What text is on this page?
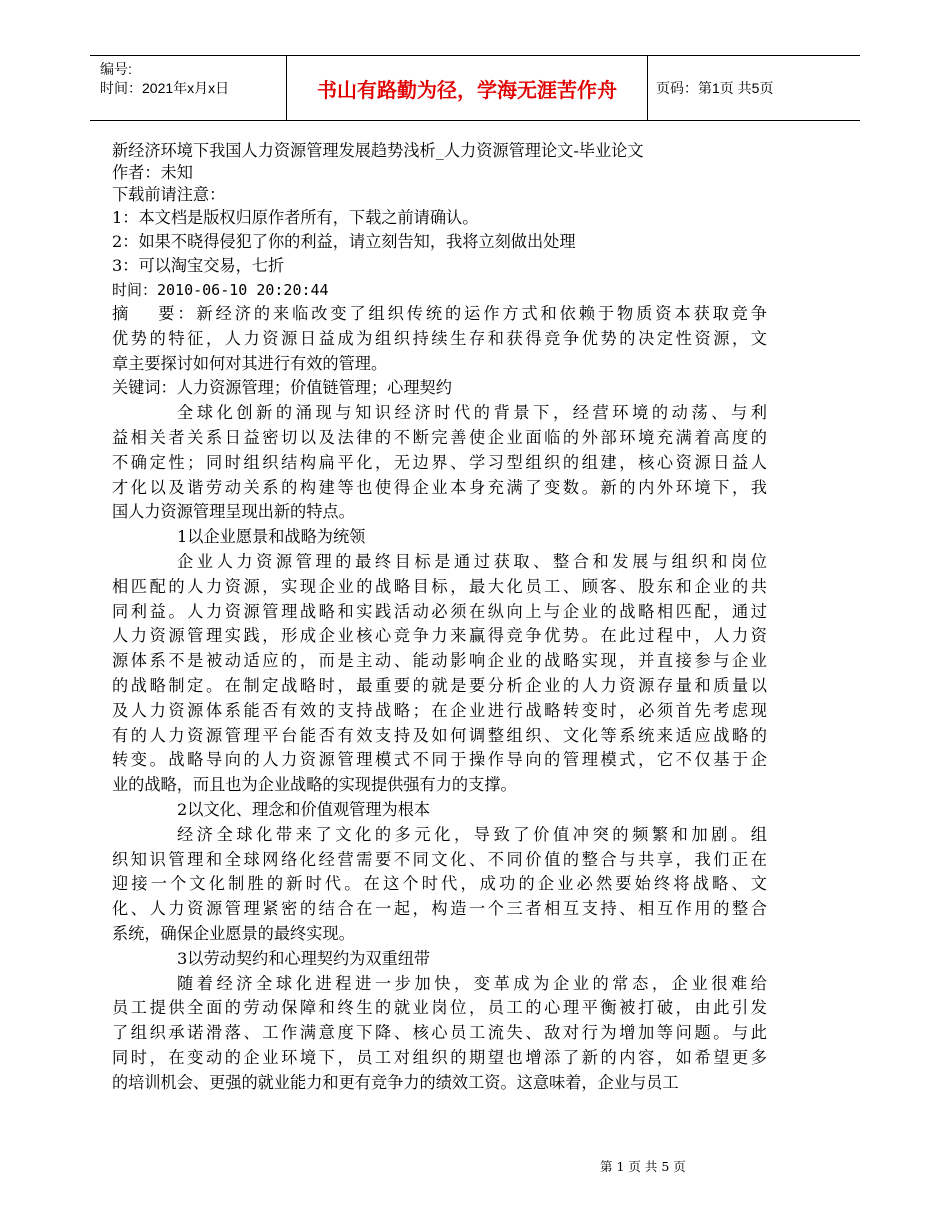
编号:
时间：2021年x月x日	书山有路勤为径，学海无涯苦作舟	页码：第1页 共5页
新经济环境下我国人力资源管理发展趋势浅析_人力资源管理论文-毕业论文
作者：未知
下载前请注意：
1：本文档是版权归原作者所有，下载之前请确认。
2：如果不晓得侵犯了你的利益，请立刻告知，我将立刻做出处理
3：可以淘宝交易，七折
时间：2010-06-10 20:20:44
摘　 要：新经济的来临改变了组织传统的运作方式和依赖于物质资本获取竞争
优势的特征，人力资源日益成为组织持续生存和获得竞争优势的决定性资源，文
章主要探讨如何对其进行有效的管理。
关键词：人力资源管理；价值链管理；心理契约
全球化创新的涌现与知识经济时代的背景下，经营环境的动荡、与利
益相关者关系日益密切以及法律的不断完善使企业面临的外部环境充满着高度的
不确定性；同时组织结构扁平化，无边界、学习型组织的组建，核心资源日益人
才化以及谐劳动关系的构建等也使得企业本身充满了变数。新的内外环境下，我
国人力资源管理呈现出新的特点。
1以企业愿景和战略为统领
企业人力资源管理的最终目标是通过获取、整合和发展与组织和岗位
相匹配的人力资源，实现企业的战略目标，最大化员工、顾客、股东和企业的共
同利益。人力资源管理战略和实践活动必须在纵向上与企业的战略相匹配，通过
人力资源管理实践，形成企业核心竞争力来赢得竞争优势。在此过程中，人力资
源体系不是被动适应的，而是主动、能动影响企业的战略实现，并直接参与企业
的战略制定。在制定战略时，最重要的就是要分析企业的人力资源存量和质量以
及人力资源体系能否有效的支持战略；在企业进行战略转变时，必须首先考虑现
有的人力资源管理平台能否有效支持及如何调整组织、文化等系统来适应战略的
转变。战略导向的人力资源管理模式不同于操作导向的管理模式，它不仅基于企
业的战略，而且也为企业战略的实现提供强有力的支撑。
2以文化、理念和价值观管理为根本
经济全球化带来了文化的多元化，导致了价值冲突的频繁和加剧。组
织知识管理和全球网络化经营需要不同文化、不同价值的整合与共享，我们正在
迎接一个文化制胜的新时代。在这个时代，成功的企业必然要始终将战略、文
化、人力资源管理紧密的结合在一起，构造一个三者相互支持、相互作用的整合
系统，确保企业愿景的最终实现。
3以劳动契约和心理契约为双重纽带
随着经济全球化进程进一步加快，变革成为企业的常态，企业很难给
员工提供全面的劳动保障和终生的就业岗位，员工的心理平衡被打破，由此引发
了组织承诺滑落、工作满意度下降、核心员工流失、敌对行为增加等问题。与此
同时，在变动的企业环境下，员工对组织的期望也增添了新的内容，如希望更多
的培训机会、更强的就业能力和更有竞争力的绩效工资。这意味着，企业与员工
第 1 页 共 5 页
